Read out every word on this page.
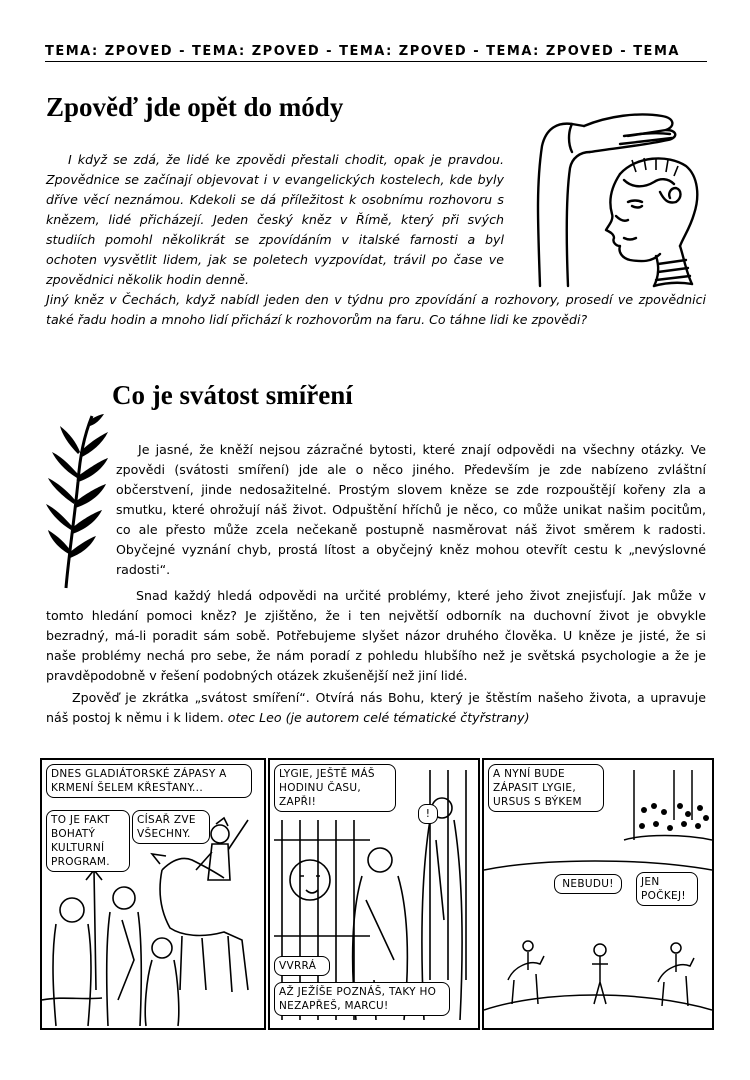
TÉMA: ZPOVĚĎ - TÉMA: ZPOVĚĎ - TÉMA: ZPOVĚĎ - TÉMA: ZPOVĚĎ - TÉMA
Zpověď jde opět do módy

I když se zdá, že lidé ke zpovědi přestali chodit, opak je pravdou. Zpovědnice se začínají objevovat i v evangelických kostelech, kde byly dříve věcí neznámou. Kdekoli se dá příležitost k osobnímu rozhovoru s knězem, lidé přicházejí. Jeden český kněz v Římě, který při svých studiích pomohl několikrát se zpovídáním v italské farnosti a byl ochoten vysvětlit lidem, jak se poletech vyzpovídat, trávil po čase ve zpovědnici několik hodin denně.

Jiný kněz v Čechách, když nabídl jeden den v týdnu pro zpovídání a rozhovory, prosedí ve zpovědnici také řadu hodin a mnoho lidí přichází k rozhovorům na faru. Co táhne lidi ke zpovědi?

Co je svátost smíření

Je jasné, že kněží nejsou zázračné bytosti, které znají odpovědi na všechny otázky. Ve zpovědi (svátosti smíření) jde ale o něco jiného. Především je zde nabízeno zvláštní občerstvení, jinde nedosažitelné. Prostým slovem kněze se zde rozpouštějí kořeny zla a smutku, které ohrožují náš život. Odpuštění hříchů je něco, co může unikat našim pocitům, co ale přesto může zcela nečekaně postupně nasměrovat náš život směrem k radosti. Obyčejné vyznání chyb, prostá lítost a obyčejný kněz mohou otevřít cestu k „nevýslovné radosti“.

Snad každý hledá odpovědi na určité problémy, které jeho život znejisťují. Jak může v tomto hledání pomoci kněz? Je zjištěno, že i ten největší odborník na duchovní život je obvykle bezradný, má-li poradit sám sobě. Potřebujeme slyšet názor druhého člověka. U kněze je jisté, že si naše problémy nechá pro sebe, že nám poradí z pohledu hlubšího než je světská psychologie a že je pravděpodobně v řešení podobných otázek zkušenější než jiní lidé.

Zpověď je zkrátka „svátost smíření“. Otvírá nás Bohu, který je štěstím našeho života, a upravuje náš postoj k němu i k lidem. otec Leo (je autorem celé tématické čtyřstrany)

DNES GLADIÁTORSKÉ ZÁPASY A KRMENÍ ŠELEM KŘESŤANY...
TO JE FAKT BOHATÝ KULTURNÍ PROGRAM.
CÍSAŘ ZVE VŠECHNY.
LYGIE, JEŠTĚ MÁŠ HODINU ČASU, ZAPŘI!
!
VVRRÁ
AŽ JEŽÍŠE POZNÁŠ, TAKY HO NEZAPŘEŠ, MARCU!
A NYNÍ BUDE ZÁPASIT LYGIE, URSUS S BÝKEM
NEBUDU!	JEN POČKEJ!
